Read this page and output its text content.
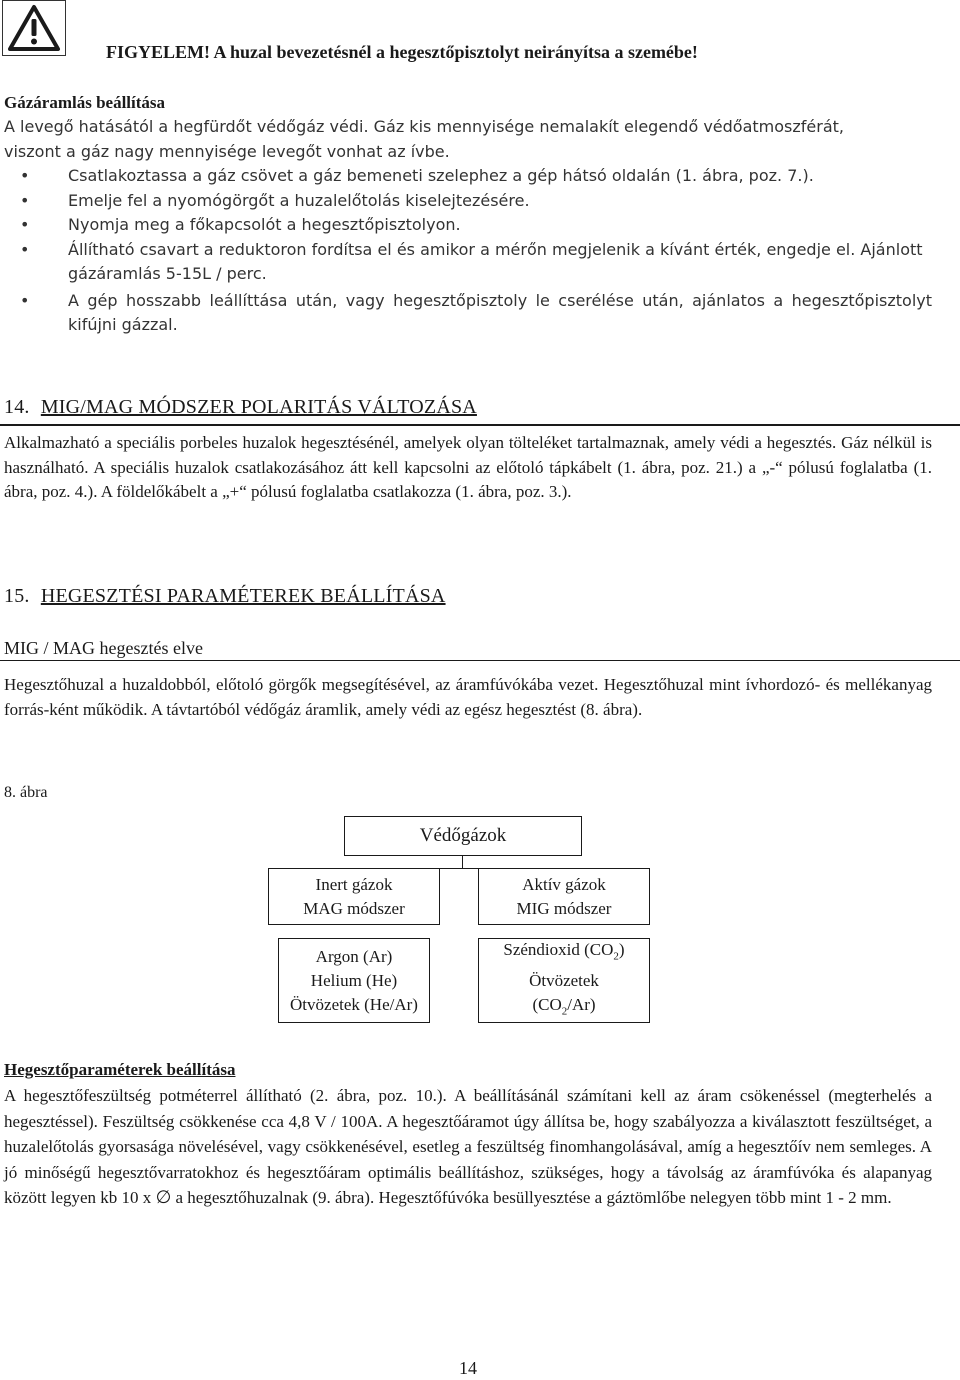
FIGYELEM! A huzal bevezetésnél a hegesztőpisztolyt neirányítsa a szemébe!
Gázáramlás beállítása
A levegő hatásától a hegfürdőt védőgáz védi. Gáz kis mennyisége nemalakít elegendő védőatmoszférát,
viszont a gáz nagy mennyisége levegőt vonhat az ívbe.
•	Csatlakoztassa a gáz csövet a gáz bemeneti szelephez a gép hátsó oldalán (1. ábra, poz. 7.).
•	Emelje fel a nyomógörgőt a huzalelőtolás kiselejtezésére.
•	Nyomja meg a főkapcsolót a hegesztőpisztolyon.
•	Állítható csavart a reduktoron fordítsa el és amikor a mérőn megjelenik a kívánt érték, engedje el. Ajánlott gázáramlás 5-15L / perc.
•	A gép hosszabb leállíttása után, vagy hegesztőpisztoly le cserélése után, ajánlatos a hegesztőpisztolyt kifújni gázzal.
14. MIG/MAG MÓDSZER POLARITÁS VÁLTOZÁSA
Alkalmazható a speciális porbeles huzalok hegesztésénél, amelyek olyan tölteléket tartalmaznak, amely védi a hegesztés. Gáz nélkül is használható. A speciális huzalok csatlakozásához átt kell kapcsolni az előtoló tápkábelt (1. ábra, poz. 21.) a „-“ pólusú foglalatba (1. ábra, poz. 4.). A földelőkábelt a „+“ pólusú foglalatba csatlakozza (1. ábra, poz. 3.).
15. HEGESZTÉSI PARAMÉTEREK BEÁLLÍTÁSA
MIG / MAG hegesztés elve
Hegesztőhuzal a huzaldobból, előtoló görgők megsegítésével, az áramfúvókába vezet. Hegesztőhuzal mint ívhordozó- és mellékanyag forrás-ként működik. A távtartóból védőgáz áramlik, amely védi az egész hegesztést (8. ábra).
8. ábra
Védőgázok
Inert gázok
MAG módszer
Aktív gázok
MIG módszer
Argon (Ar)
Helium (He)
Ötvözetek (He/Ar)
Széndioxid $(CO_2)$
Ötvözetek
$(CO_2/Ar)$
Hegesztőparaméterek beállítása
A hegesztőfeszültség potméterrel állítható (2. ábra, poz. 10.). A beállításánál számítani kell az áram csökenéssel (megterhelés a hegesztéssel). Feszültség csökkenése cca 4,8 V / 100A. A hegesztőáramot úgy állítsa be, hogy szabályozza a kiválasztott feszültséget, a huzalelőtolás gyorsasága növelésével, vagy csökkenésével, esetleg a feszültség finomhangolásával, amíg a hegesztőív nem semleges. A jó minőségű hegesztővarratokhoz és hegesztőáram optimális beállításhoz, szükséges, hogy a távolság az áramfúvóka és alapanyag között legyen kb 10 x ∅ a hegesztőhuzalnak (9. ábra). Hegesztőfúvóka besüllyesztése a gáztömlőbe nelegyen több mint 1 - 2 mm.
14
